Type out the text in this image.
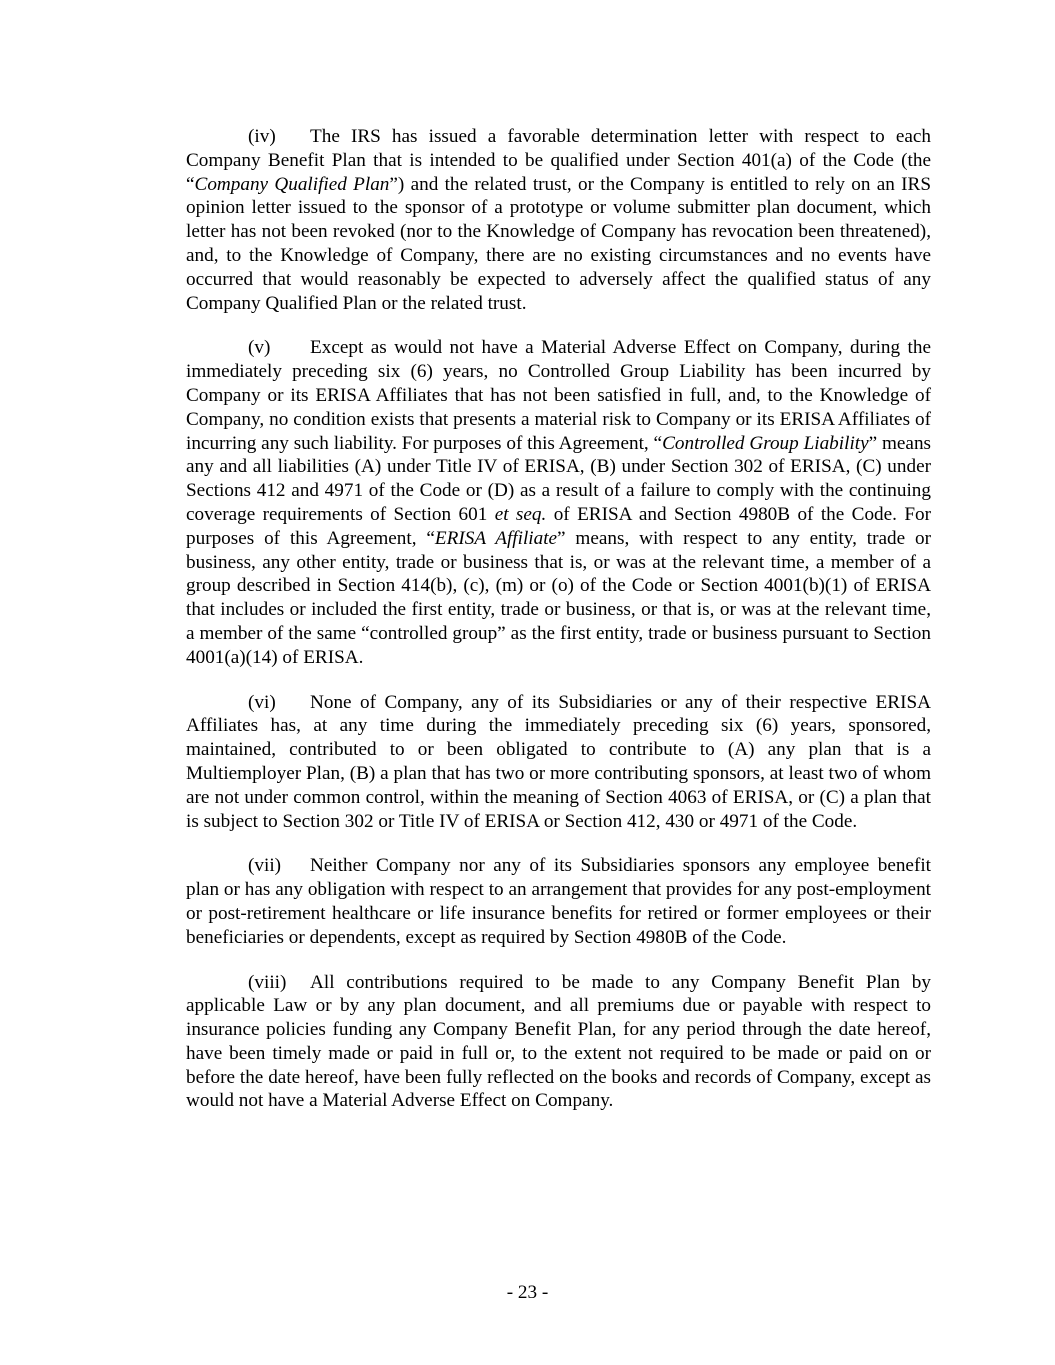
(iv) The IRS has issued a favorable determination letter with respect to each Company Benefit Plan that is intended to be qualified under Section 401(a) of the Code (the “Company Qualified Plan”) and the related trust, or the Company is entitled to rely on an IRS opinion letter issued to the sponsor of a prototype or volume submitter plan document, which letter has not been revoked (nor to the Knowledge of Company has revocation been threatened), and, to the Knowledge of Company, there are no existing circumstances and no events have occurred that would reasonably be expected to adversely affect the qualified status of any Company Qualified Plan or the related trust.

(v) Except as would not have a Material Adverse Effect on Company, during the immediately preceding six (6) years, no Controlled Group Liability has been incurred by Company or its ERISA Affiliates that has not been satisfied in full, and, to the Knowledge of Company, no condition exists that presents a material risk to Company or its ERISA Affiliates of incurring any such liability. For purposes of this Agreement, “Controlled Group Liability” means any and all liabilities (A) under Title IV of ERISA, (B) under Section 302 of ERISA, (C) under Sections 412 and 4971 of the Code or (D) as a result of a failure to comply with the continuing coverage requirements of Section 601 et seq. of ERISA and Section 4980B of the Code. For purposes of this Agreement, “ERISA Affiliate” means, with respect to any entity, trade or business, any other entity, trade or business that is, or was at the relevant time, a member of a group described in Section 414(b), (c), (m) or (o) of the Code or Section 4001(b)(1) of ERISA that includes or included the first entity, trade or business, or that is, or was at the relevant time, a member of the same “controlled group” as the first entity, trade or business pursuant to Section 4001(a)(14) of ERISA.

(vi) None of Company, any of its Subsidiaries or any of their respective ERISA Affiliates has, at any time during the immediately preceding six (6) years, sponsored, maintained, contributed to or been obligated to contribute to (A) any plan that is a Multiemployer Plan, (B) a plan that has two or more contributing sponsors, at least two of whom are not under common control, within the meaning of Section 4063 of ERISA, or (C) a plan that is subject to Section 302 or Title IV of ERISA or Section 412, 430 or 4971 of the Code.

(vii) Neither Company nor any of its Subsidiaries sponsors any employee benefit plan or has any obligation with respect to an arrangement that provides for any post-employment or post-retirement healthcare or life insurance benefits for retired or former employees or their beneficiaries or dependents, except as required by Section 4980B of the Code.

(viii) All contributions required to be made to any Company Benefit Plan by applicable Law or by any plan document, and all premiums due or payable with respect to insurance policies funding any Company Benefit Plan, for any period through the date hereof, have been timely made or paid in full or, to the extent not required to be made or paid on or before the date hereof, have been fully reflected on the books and records of Company, except as would not have a Material Adverse Effect on Company.

- 23 -
